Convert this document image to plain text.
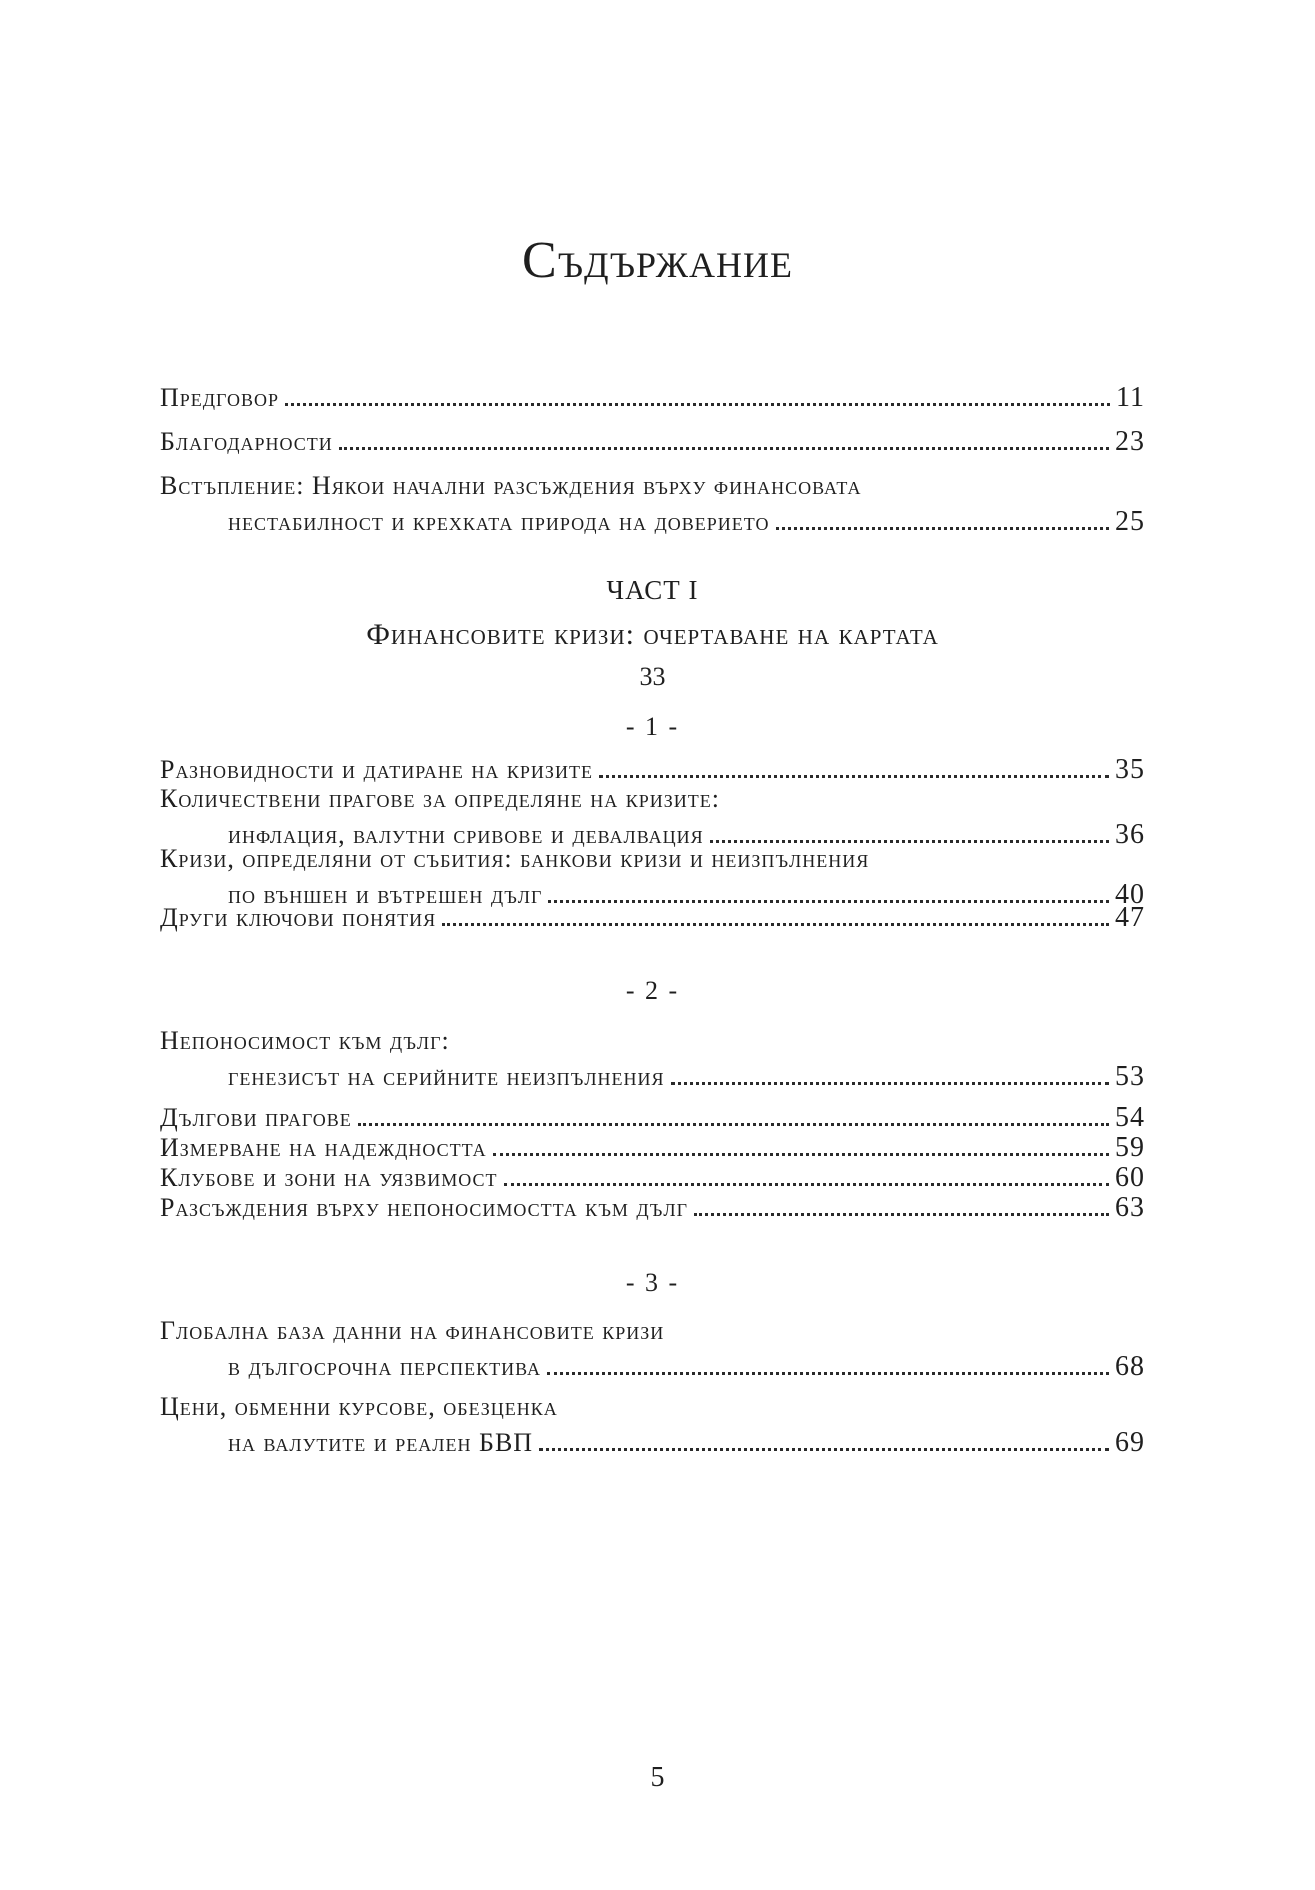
Съдържание
Предговор	11
Благодарности	23
Встъпление: Някои начални разсъждения върху финансовата
нестабилност и крехката природа на доверието	25
ЧАСТ I
Финансовите кризи: очертаване на картата
33
- 1 -
Разновидности и датиране на кризите	35
Количествени прагове за определяне на кризите:
инфлация, валутни сривове и девалвация	36
Кризи, определяни от събития: банкови кризи и неизпълнения
по външен и вътрешен дълг	40
Други ключови понятия	47
- 2 -
Непоносимост към дълг:
генезисът на серийните неизпълнения	53
Дългови прагове	54
Измерване на надеждността	59
Клубове и зони на уязвимост	60
Разсъждения върху непоносимостта към дълг	63
- 3 -
Глобална база данни на финансовите кризи
в дългосрочна перспектива	68
Цени, обменни курсове, обезценка
на валутите и реален БВП	69
5
